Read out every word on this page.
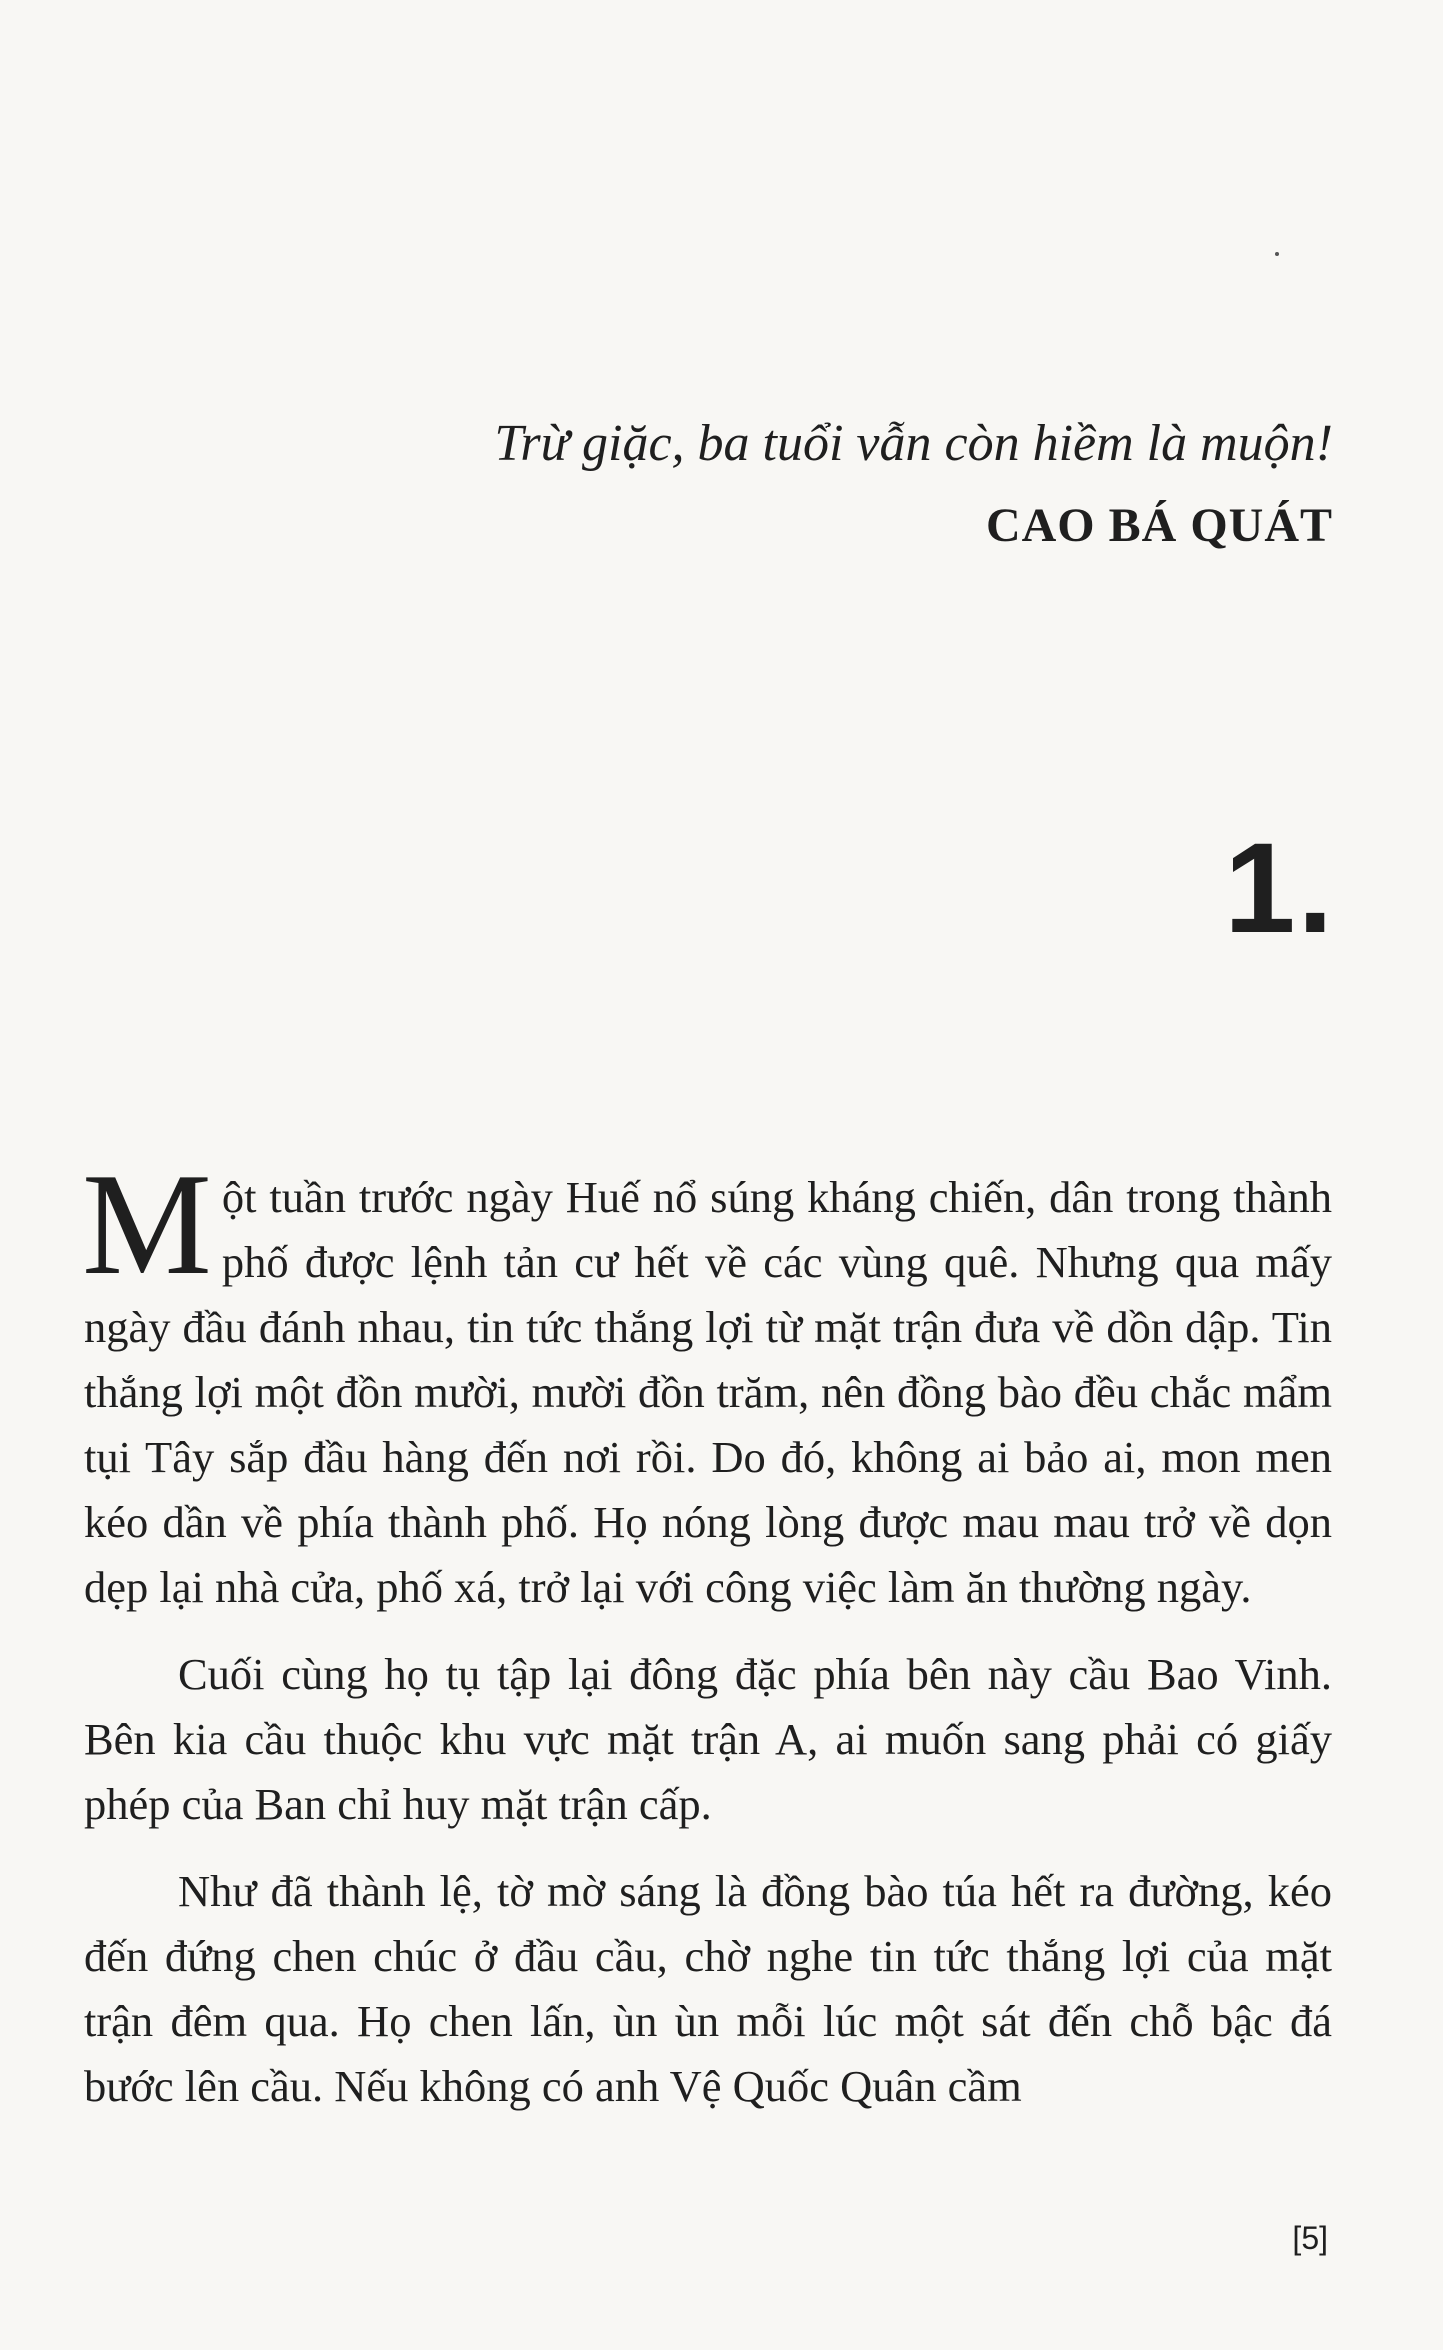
Trừ giặc, ba tuổi vẫn còn hiềm là muộn!
CAO BÁ QUÁT
1.

Một tuần trước ngày Huế nổ súng kháng chiến, dân trong thành phố được lệnh tản cư hết về các vùng quê. Nhưng qua mấy ngày đầu đánh nhau, tin tức thắng lợi từ mặt trận đưa về dồn dập. Tin thắng lợi một đồn mười, mười đồn trăm, nên đồng bào đều chắc mẩm tụi Tây sắp đầu hàng đến nơi rồi. Do đó, không ai bảo ai, mon men kéo dần về phía thành phố. Họ nóng lòng được mau mau trở về dọn dẹp lại nhà cửa, phố xá, trở lại với công việc làm ăn thường ngày.

Cuối cùng họ tụ tập lại đông đặc phía bên này cầu Bao Vinh. Bên kia cầu thuộc khu vực mặt trận A, ai muốn sang phải có giấy phép của Ban chỉ huy mặt trận cấp.

Như đã thành lệ, tờ mờ sáng là đồng bào túa hết ra đường, kéo đến đứng chen chúc ở đầu cầu, chờ nghe tin tức thắng lợi của mặt trận đêm qua. Họ chen lấn, ùn ùn mỗi lúc một sát đến chỗ bậc đá bước lên cầu. Nếu không có anh Vệ Quốc Quân cầm

[5]
